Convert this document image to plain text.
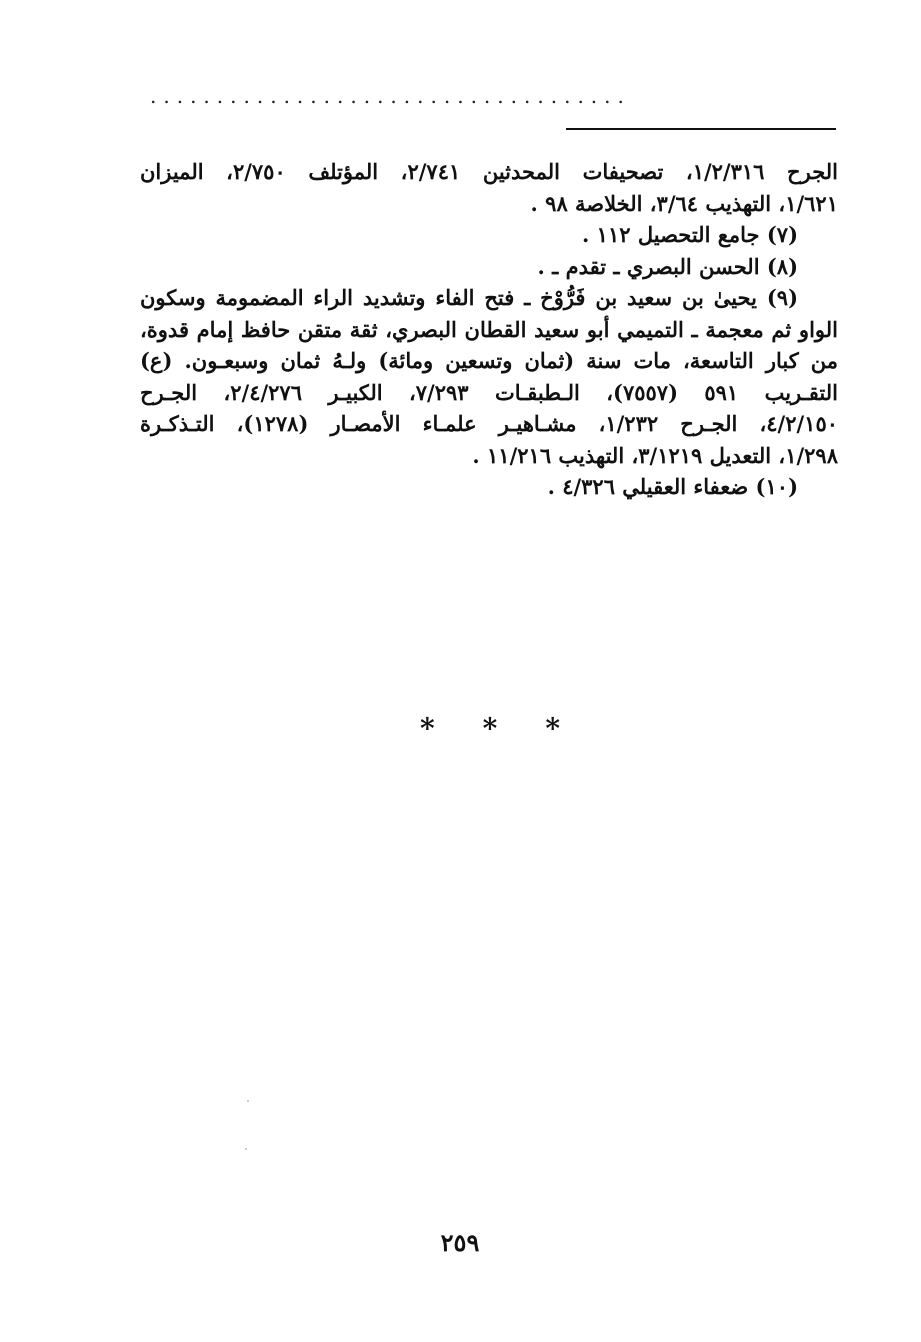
....................................
الجرح ١/٢/٣١٦، تصحيفات المحدثين ٢/٧٤١، المؤتلف ٢/٧٥٠، الميزان
١/٦٢١، التهذيب ٣/٦٤، الخلاصة ٩٨ .
(٧) جامع التحصيل ١١٢ .
(٨) الحسن البصري ـ تقدم ـ .
(٩) يحيىٰ بن سعيد بن فَرُّوْخ ـ فتح الفاء وتشديد الراء المضمومة وسكون
الواو ثم معجمة ـ التميمي أبو سعيد القطان البصري، ثقة متقن حافظ إمام قدوة،
من كبار التاسعة، مات سنة (ثمان وتسعين ومائة) ولـهُ ثمان وسبعـون. (ع)
التقـريب ٥٩١ (٧٥٥٧)، الـطبقـات ٧/٢٩٣، الكبيـر ٢/٤/٢٧٦، الجـرح
٤/٢/١٥٠، الجـرح ١/٢٣٢، مشـاهيـر علمـاء الأمصـار (١٢٧٨)، التـذكـرة
١/٢٩٨، التعديل ٣/١٢١٩، التهذيب ١١/٢١٦ .
(١٠) ضعفاء العقيلي ٤/٣٢٦ .
* * *
٢٥٩
